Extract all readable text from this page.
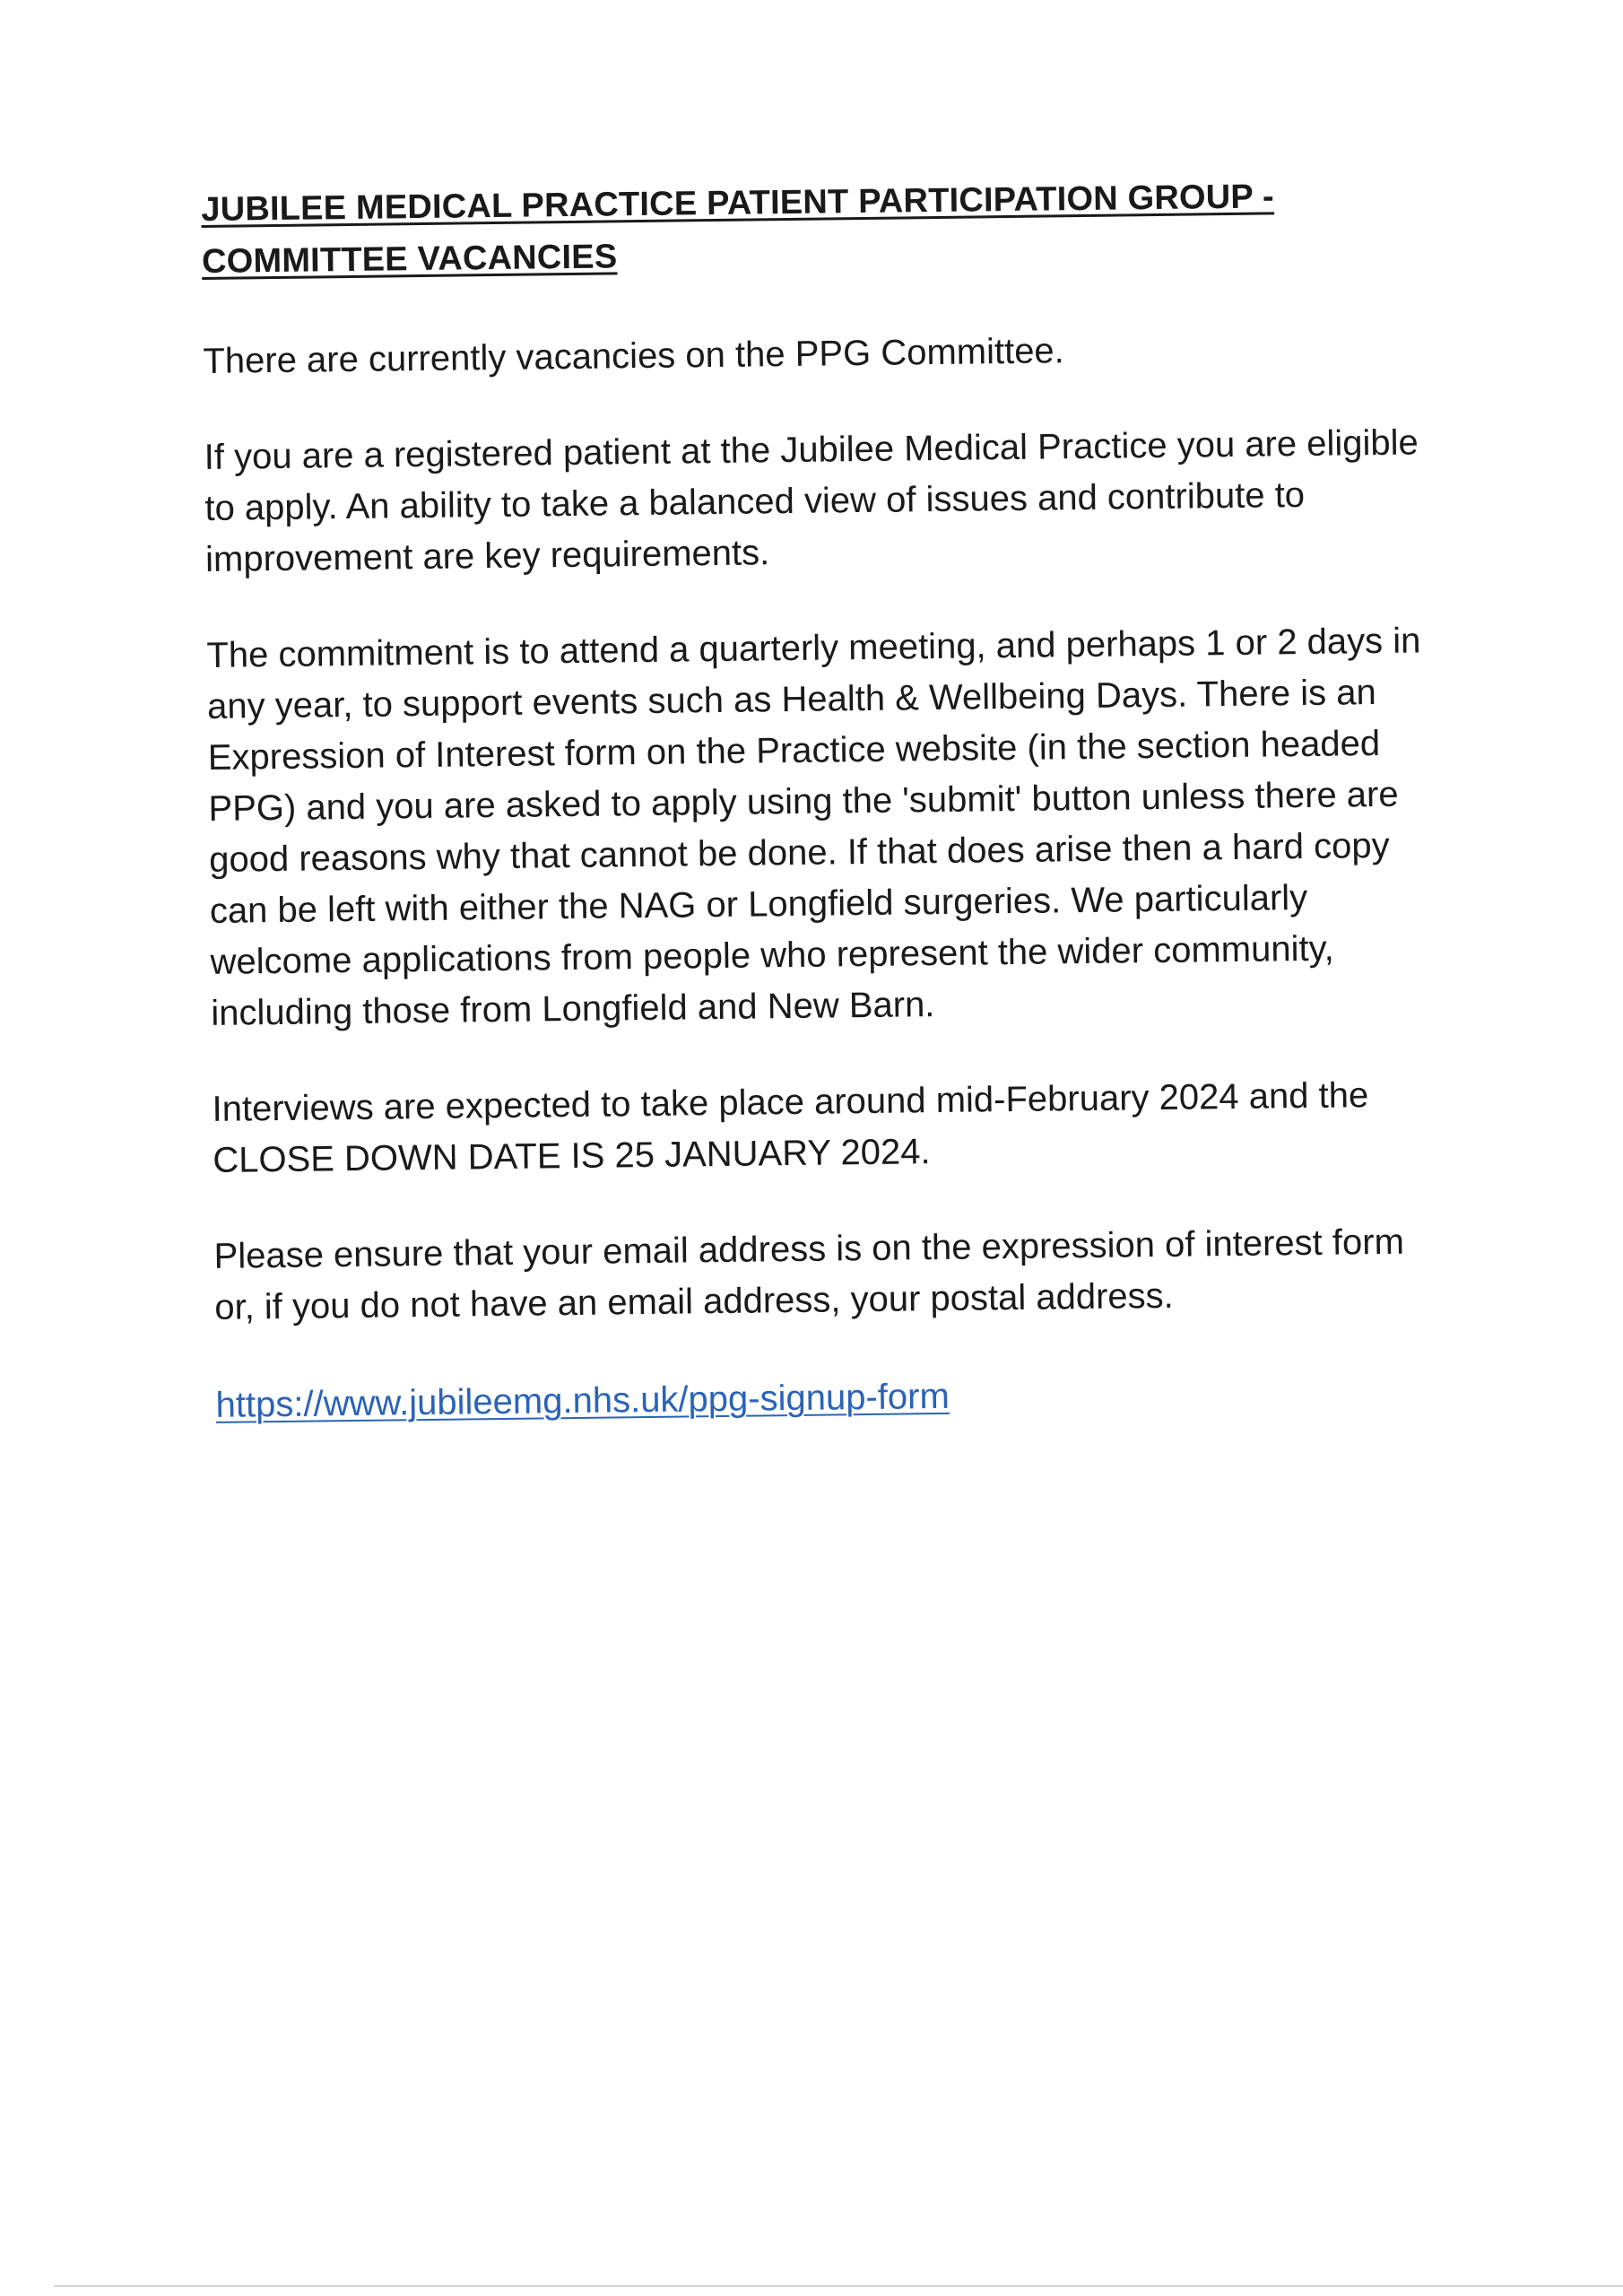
JUBILEE MEDICAL PRACTICE PATIENT PARTICIPATION GROUP -
COMMITTEE VACANCIES

There are currently vacancies on the PPG Committee.

If you are a registered patient at the Jubilee Medical Practice you are eligible to apply. An ability to take a balanced view of issues and contribute to improvement are key requirements.

The commitment is to attend a quarterly meeting, and perhaps 1 or 2 days in any year, to support events such as Health & Wellbeing Days. There is an Expression of Interest form on the Practice website (in the section headed PPG) and you are asked to apply using the 'submit' button unless there are good reasons why that cannot be done. If that does arise then a hard copy can be left with either the NAG or Longfield surgeries. We particularly welcome applications from people who represent the wider community, including those from Longfield and New Barn.

Interviews are expected to take place around mid-February 2024 and the CLOSE DOWN DATE IS 25 JANUARY 2024.

Please ensure that your email address is on the expression of interest form or, if you do not have an email address, your postal address.

https://www.jubileemg.nhs.uk/ppg-signup-form
